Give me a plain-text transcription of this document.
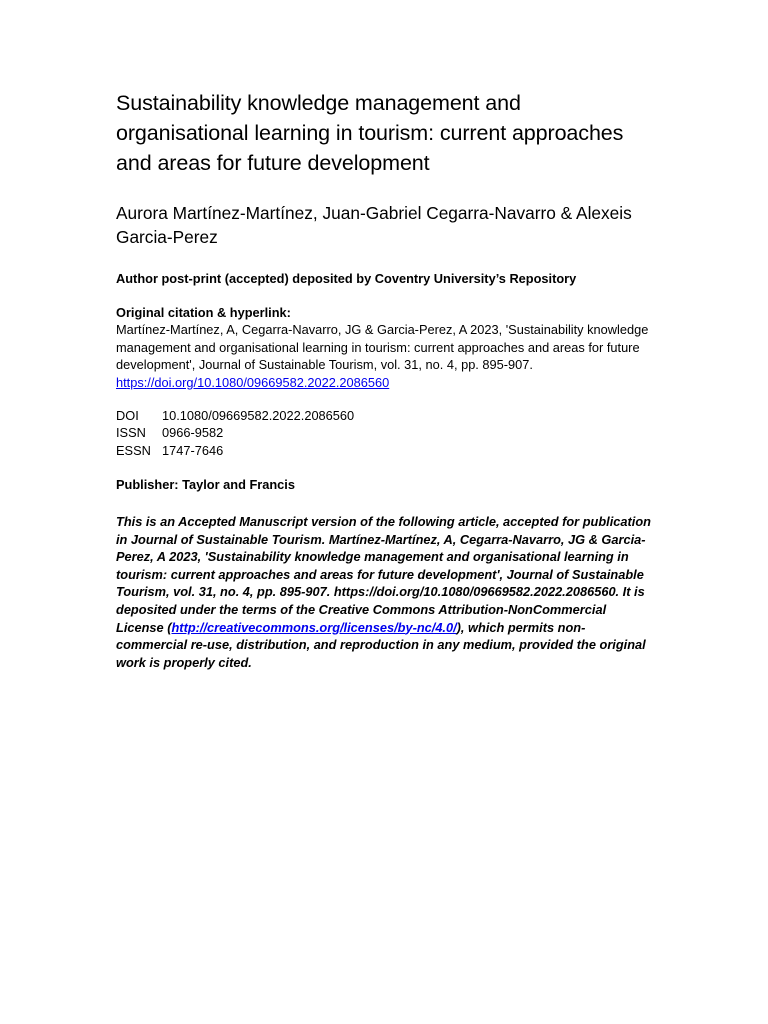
Sustainability knowledge management and organisational learning in tourism: current approaches and areas for future development

Aurora Martínez-Martínez, Juan-Gabriel Cegarra-Navarro & Alexeis Garcia-Perez

Author post-print (accepted) deposited by Coventry University’s Repository

Original citation & hyperlink:

Martínez-Martínez, A, Cegarra-Navarro, JG & Garcia-Perez, A 2023, 'Sustainability knowledge management and organisational learning in tourism: current approaches and areas for future development', Journal of Sustainable Tourism, vol. 31, no. 4, pp. 895-907. https://doi.org/10.1080/09669582.2022.2086560

DOI	10.1080/09669582.2022.2086560
ISSN	0966-9582
ESSN 1747-7646

Publisher: Taylor and Francis

This is an Accepted Manuscript version of the following article, accepted for publication in Journal of Sustainable Tourism. Martínez-Martínez, A, Cegarra-Navarro, JG & Garcia-Perez, A 2023, 'Sustainability knowledge management and organisational learning in tourism: current approaches and areas for future development', Journal of Sustainable Tourism, vol. 31, no. 4, pp. 895-907. https://doi.org/10.1080/09669582.2022.2086560. It is deposited under the terms of the Creative Commons Attribution-NonCommercial License (http://creativecommons.org/licenses/by-nc/4.0/), which permits non-commercial re-use, distribution, and reproduction in any medium, provided the original work is properly cited.
